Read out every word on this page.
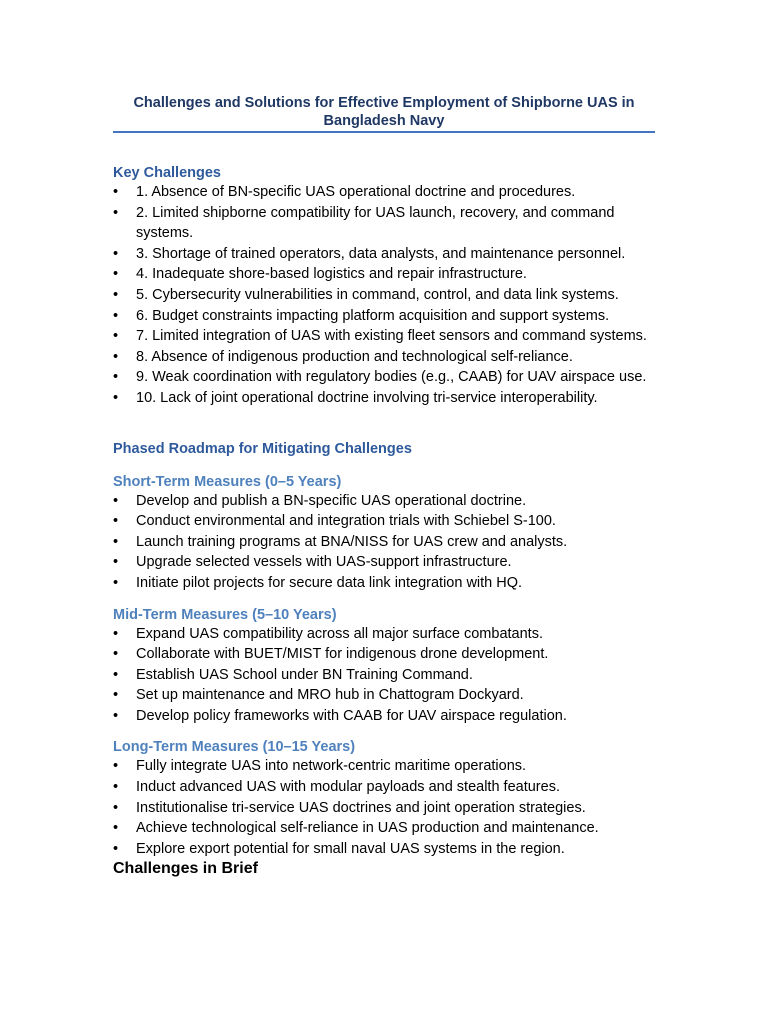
Challenges and Solutions for Effective Employment of Shipborne UAS in Bangladesh Navy
Key Challenges
•	1. Absence of BN-specific UAS operational doctrine and procedures.
•	2. Limited shipborne compatibility for UAS launch, recovery, and command systems.
•	3. Shortage of trained operators, data analysts, and maintenance personnel.
•	4. Inadequate shore-based logistics and repair infrastructure.
•	5. Cybersecurity vulnerabilities in command, control, and data link systems.
•	6. Budget constraints impacting platform acquisition and support systems.
•	7. Limited integration of UAS with existing fleet sensors and command systems.
•	8. Absence of indigenous production and technological self-reliance.
•	9. Weak coordination with regulatory bodies (e.g., CAAB) for UAV airspace use.
•	10. Lack of joint operational doctrine involving tri-service interoperability.
Phased Roadmap for Mitigating Challenges
Short-Term Measures (0–5 Years)
•	Develop and publish a BN-specific UAS operational doctrine.
•	Conduct environmental and integration trials with Schiebel S-100.
•	Launch training programs at BNA/NISS for UAS crew and analysts.
•	Upgrade selected vessels with UAS-support infrastructure.
•	Initiate pilot projects for secure data link integration with HQ.
Mid-Term Measures (5–10 Years)
•	Expand UAS compatibility across all major surface combatants.
•	Collaborate with BUET/MIST for indigenous drone development.
•	Establish UAS School under BN Training Command.
•	Set up maintenance and MRO hub in Chattogram Dockyard.
•	Develop policy frameworks with CAAB for UAV airspace regulation.
Long-Term Measures (10–15 Years)
•	Fully integrate UAS into network-centric maritime operations.
•	Induct advanced UAS with modular payloads and stealth features.
•	Institutionalise tri-service UAS doctrines and joint operation strategies.
•	Achieve technological self-reliance in UAS production and maintenance.
•	Explore export potential for small naval UAS systems in the region.
Challenges in Brief
